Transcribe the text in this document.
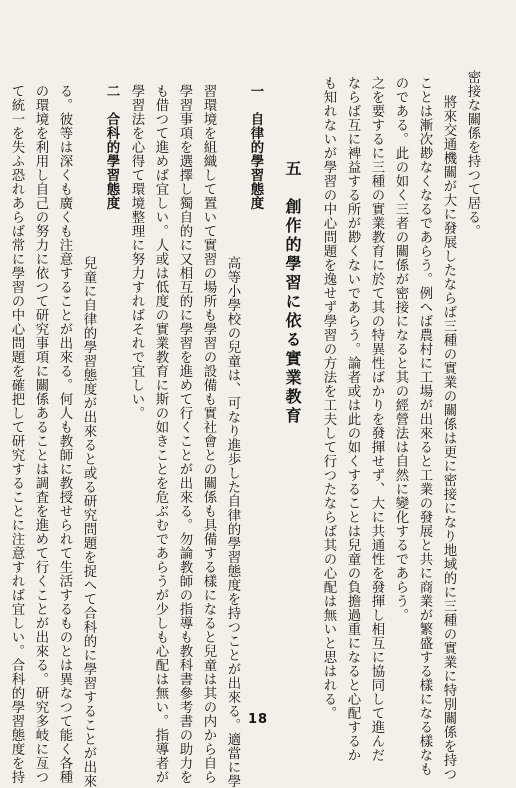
密接な關係を持つて居る。
將來交通機關が大に發展したならば三種の實業の關係は更に密接になり地域的に三種の實業に特別關係を持つ
ことは漸次尠なくなるであらう。例へば農村に工場が出來ると工業の發展と共に商業が繁盛する樣になる樣なも
のである。此の如く三者の關係が密接になると其の經營法は自然に變化するであらう。
之を要するに三種の實業教育に於て其の特異性ばかりを發揮せず、大に共通性を發揮し相互に協同して進んだ
ならば互に裨益する所が尠くないであらう。論者或は此の如くすることは兒童の負擔過重になると心配するか
も知れないが學習の中心問題を逸せず學習の方法を工夫して行つたならば其の心配は無いと思はれる。
五　創作的學習に依る實業教育
一　自律的學習態度
高等小學校の兒童は、可なり進歩した自律的學習態度を持つことが出來る。適當に學
習環境を組織して置いて實習の場所も學習の設備も實社會との關係も具備する樣になると兒童は其の内から自ら
學習事項を選擇し獨自的に又相互的に學習を進めて行くことが出來る。勿論教師の指導も教科書參考書の助力を
も借つて進めば宜しい。人或は低度の實業教育に斯の如きことを危ぶむであらうが少しも心配は無い。指導者が
學習法を心得て環境整理に努力すればそれで宜しい。
二　合科的學習態度
兒童に自律的學習態度が出來ると或る研究問題を捉へて合科的に學習することが出來
る。彼等は深くも廣くも注意することが出來る。何人も教師に教授せられて生活するものとは異なつて能く各種
の環境を利用し自己の努力に依つて研究事項に關係あることは調査を進めて行くことが出來る。研究多岐に亙つ
て統一を失ふ恐れあらば常に學習の中心問題を確把して研究することに注意すれば宜しい。合科的學習態度を持	18
